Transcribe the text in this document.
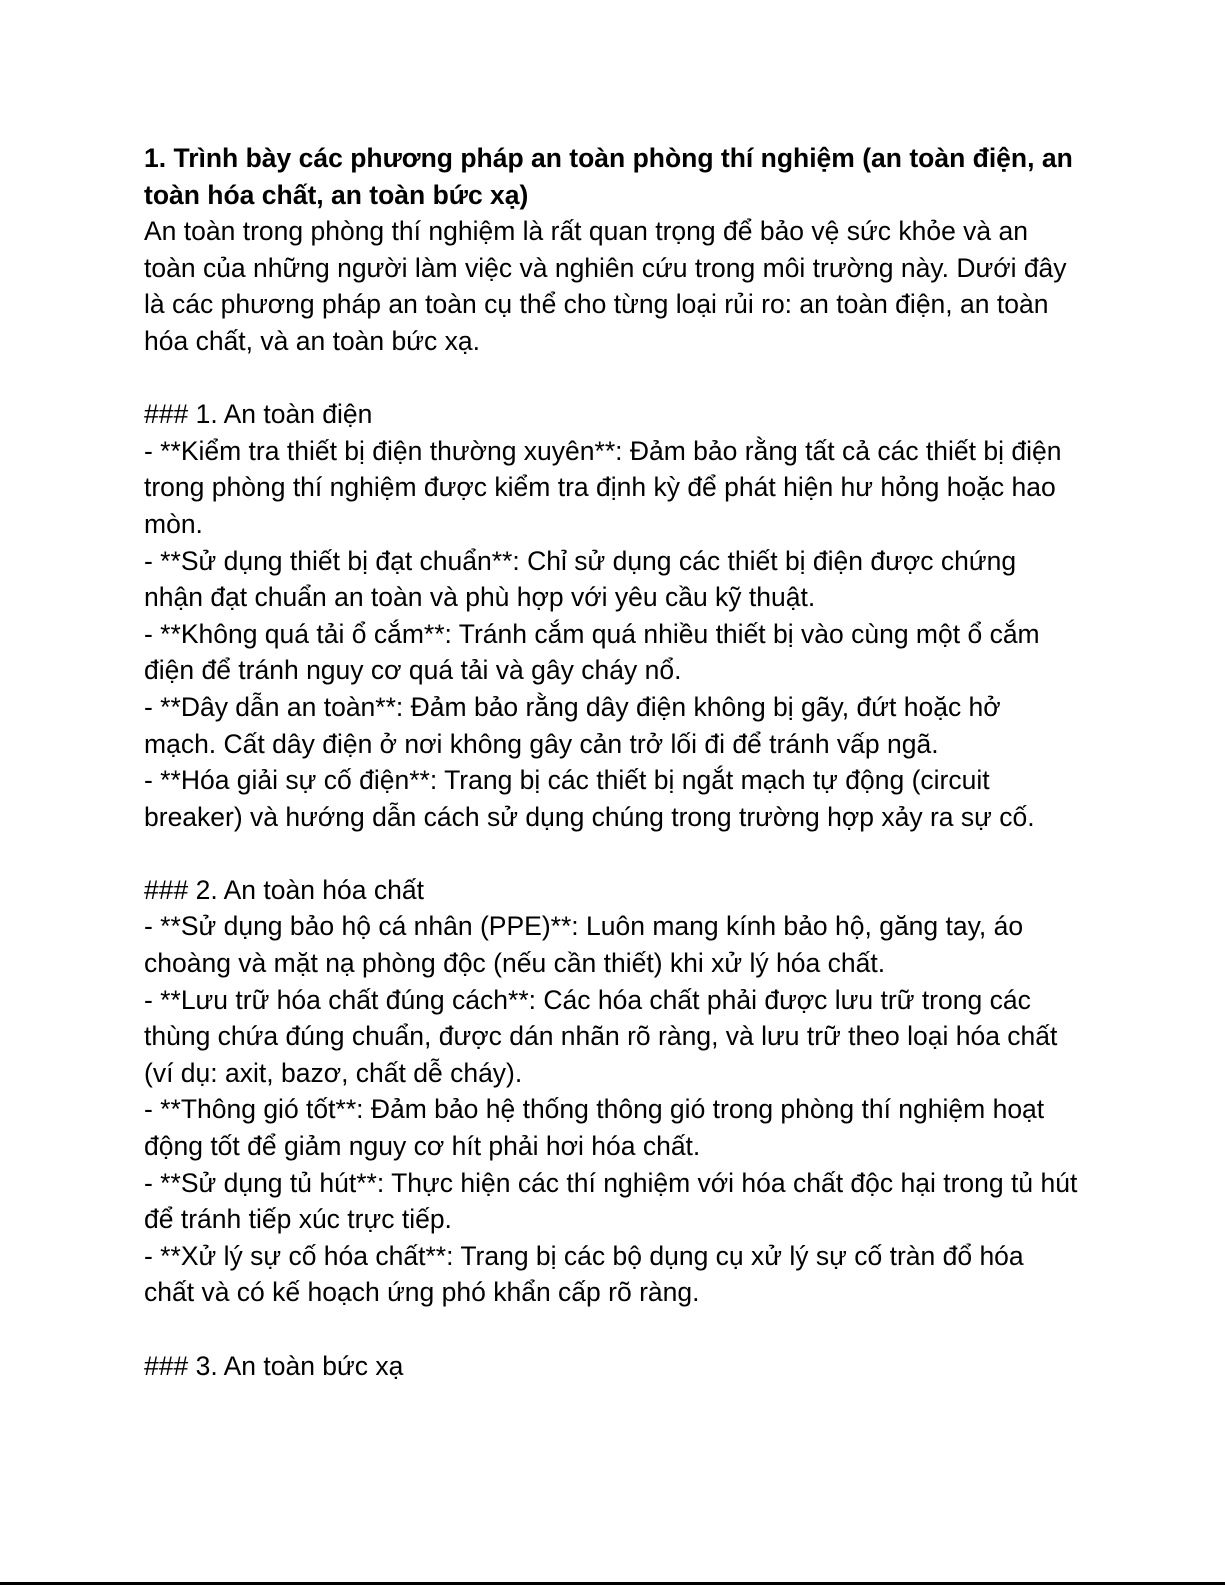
1. Trình bày các phương pháp an toàn phòng thí nghiệm (an toàn điện, an toàn hóa chất, an toàn bức xạ)

An toàn trong phòng thí nghiệm là rất quan trọng để bảo vệ sức khỏe và an toàn của những người làm việc và nghiên cứu trong môi trường này. Dưới đây là các phương pháp an toàn cụ thể cho từng loại rủi ro: an toàn điện, an toàn hóa chất, và an toàn bức xạ.

### 1. An toàn điện

- **Kiểm tra thiết bị điện thường xuyên**: Đảm bảo rằng tất cả các thiết bị điện trong phòng thí nghiệm được kiểm tra định kỳ để phát hiện hư hỏng hoặc hao mòn.

- **Sử dụng thiết bị đạt chuẩn**: Chỉ sử dụng các thiết bị điện được chứng nhận đạt chuẩn an toàn và phù hợp với yêu cầu kỹ thuật.

- **Không quá tải ổ cắm**: Tránh cắm quá nhiều thiết bị vào cùng một ổ cắm điện để tránh nguy cơ quá tải và gây cháy nổ.

- **Dây dẫn an toàn**: Đảm bảo rằng dây điện không bị gãy, đứt hoặc hở mạch. Cất dây điện ở nơi không gây cản trở lối đi để tránh vấp ngã.

- **Hóa giải sự cố điện**: Trang bị các thiết bị ngắt mạch tự động (circuit breaker) và hướng dẫn cách sử dụng chúng trong trường hợp xảy ra sự cố.

### 2. An toàn hóa chất

- **Sử dụng bảo hộ cá nhân (PPE)**: Luôn mang kính bảo hộ, găng tay, áo choàng và mặt nạ phòng độc (nếu cần thiết) khi xử lý hóa chất.

- **Lưu trữ hóa chất đúng cách**: Các hóa chất phải được lưu trữ trong các thùng chứa đúng chuẩn, được dán nhãn rõ ràng, và lưu trữ theo loại hóa chất (ví dụ: axit, bazơ, chất dễ cháy).

- **Thông gió tốt**: Đảm bảo hệ thống thông gió trong phòng thí nghiệm hoạt động tốt để giảm nguy cơ hít phải hơi hóa chất.

- **Sử dụng tủ hút**: Thực hiện các thí nghiệm với hóa chất độc hại trong tủ hút để tránh tiếp xúc trực tiếp.

- **Xử lý sự cố hóa chất**: Trang bị các bộ dụng cụ xử lý sự cố tràn đổ hóa chất và có kế hoạch ứng phó khẩn cấp rõ ràng.

### 3. An toàn bức xạ
